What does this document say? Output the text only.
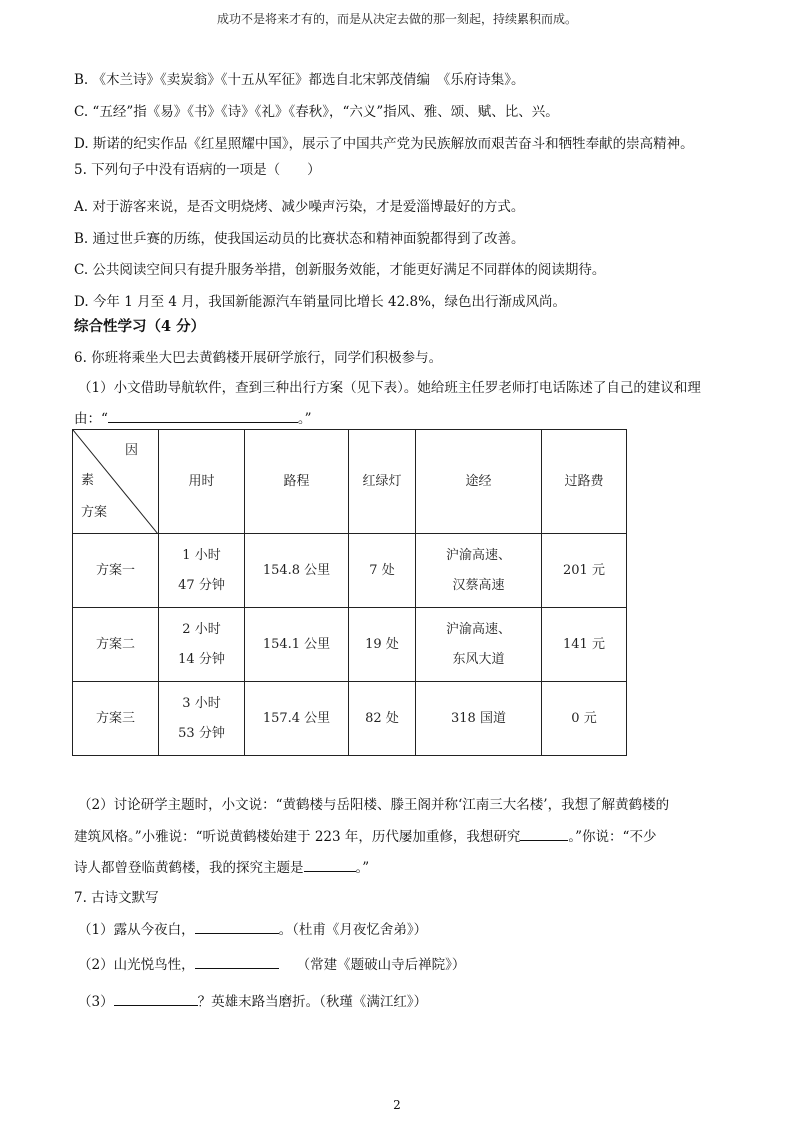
成功不是将来才有的，而是从决定去做的那一刻起，持续累积而成。
B. 《木兰诗》《卖炭翁》《十五从军征》都选自北宋郭茂倩编　《乐府诗集》。
C. “五经”指《易》《书》《诗》《礼》《春秋》，“六义”指风、雅、颂、赋、比、兴。
D. 斯诺的纪实作品《红星照耀中国》，展示了中国共产党为民族解放而艰苦奋斗和牺牲奉献的崇高精神。
5. 下列句子中没有语病的一项是（　　）
A. 对于游客来说，是否文明烧烤、减少噪声污染，才是爱淄博最好的方式。
B. 通过世乒赛的历练，使我国运动员的比赛状态和精神面貌都得到了改善。
C. 公共阅读空间只有提升服务举措，创新服务效能，才能更好满足不同群体的阅读期待。
D. 今年 1 月至 4 月，我国新能源汽车销量同比增长 42.8%，绿色出行渐成风尚。
综合性学习（4 分）
6. 你班将乘坐大巴去黄鹤楼开展研学旅行，同学们积极参与。
（1）小文借助导航软件，查到三种出行方案（见下表）。她给班主任罗老师打电话陈述了自己的建议和理
由：“	。”
因
素
方案	用时	路程	红绿灯	途经	过路费
方案一	1 小时 47 分钟	154.8 公里	7 处	沪渝高速、汉蔡高速	201 元
方案二	2 小时 14 分钟	154.1 公里	19 处	沪渝高速、东风大道	141 元
方案三	3 小时 53 分钟	157.4 公里	82 处	318 国道	0 元
（2）讨论研学主题时，小文说：“黄鹤楼与岳阳楼、滕王阁并称‘江南三大名楼’，我想了解黄鹤楼的
建筑风格。”小雅说：“听说黄鹤楼始建于 223 年，历代屡加重修，我想研究	。”你说：“不少
诗人都曾登临黄鹤楼，我的探究主题是	。”
7. 古诗文默写
（1）露从今夜白，	。（杜甫《月夜忆舍弟》）
（2）山光悦鸟性，	（常建《题破山寺后禅院》）
（3）	？英雄末路当磨折。（秋瑾《满江红》）
2
